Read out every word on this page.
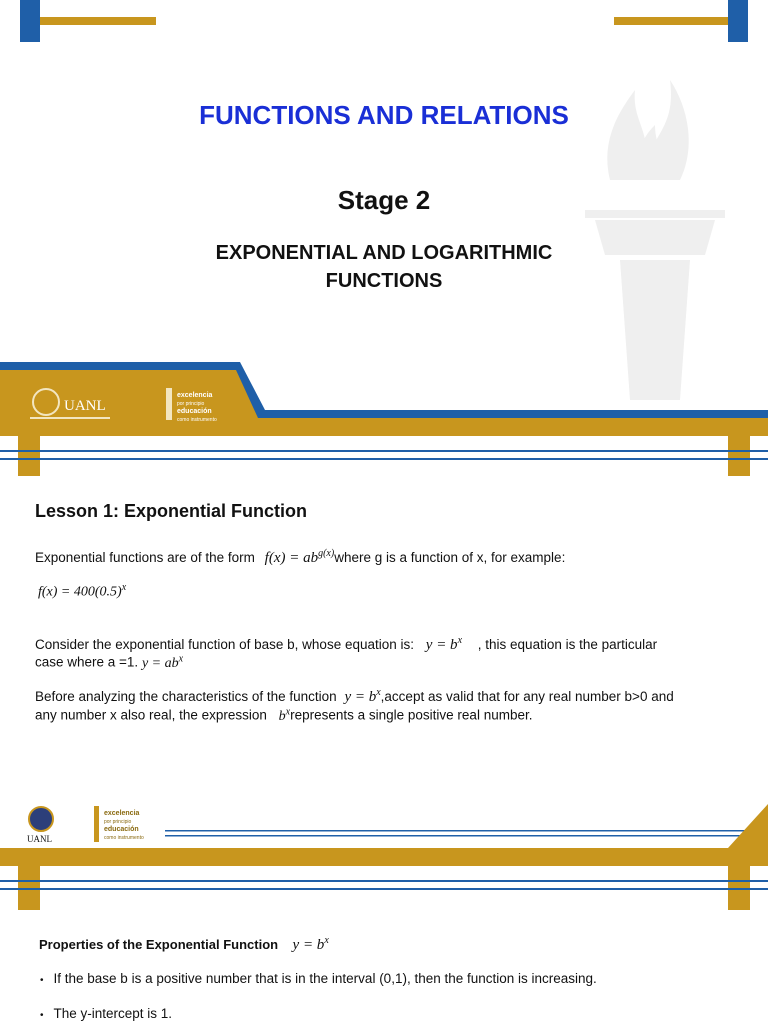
FUNCTIONS AND RELATIONS
Stage 2
EXPONENTIAL AND LOGARITHMIC
FUNCTIONS
UANL
excelencia
por principio
educación
como instrumento
Lesson 1: Exponential Function
Exponential functions are of the form $f(x) = ab^{g(x)}where$ g is a function of x, for example:
$f(x) = 400(0.5)^x$
Consider the exponential function of base b, whose equation is: $y = b^x$ , this equation is the particular
case where a =1. $y = ab^x$
Before analyzing the characteristics of the function $y = b^x,accept$ as valid that for any real number b>0 and
any number x also real, the expression $b^xrepresents$ a single positive real number.
UANL
excelencia
por principio
educación
como instrumento
Properties of the Exponential Function $y = b^x$
• If the base b is a positive number that is in the interval (0,1), then the function is increasing.
• The y-intercept is 1.
